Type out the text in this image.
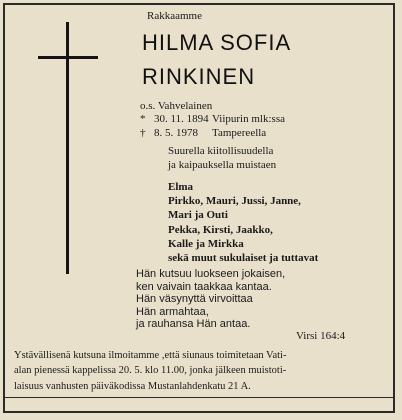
Rakkaamme
HILMA SOFIA
RINKINEN
o.s. Vahvelainen
* 30. 11. 1894 Viipurin mlk:ssa
† 8. 5. 1978	Tampereella
Suurella kiitollisuudella
ja kaipauksella muistaen
Elma
Pirkko, Mauri, Jussi, Janne,
Mari ja Outi
Pekka, Kirsti, Jaakko,
Kalle ja Mirkka
sekä muut sukulaiset ja tuttavat
Hän kutsuu luokseen jokaisen,
ken vaivain taakkaa kantaa.
Hän väsynyttä virvoittaa
Hän armahtaa,
ja rauhansa Hän antaa.
Virsi 164:4
Ystävällisenä kutsuna ilmoitamme ,että siunaus toimitetaan Vati-
alan pienessä kappelissa 20. 5. klo 11.00, jonka jälkeen muistoti-
laisuus vanhusten päiväkodissa Mustanlahdenkatu 21 A.
